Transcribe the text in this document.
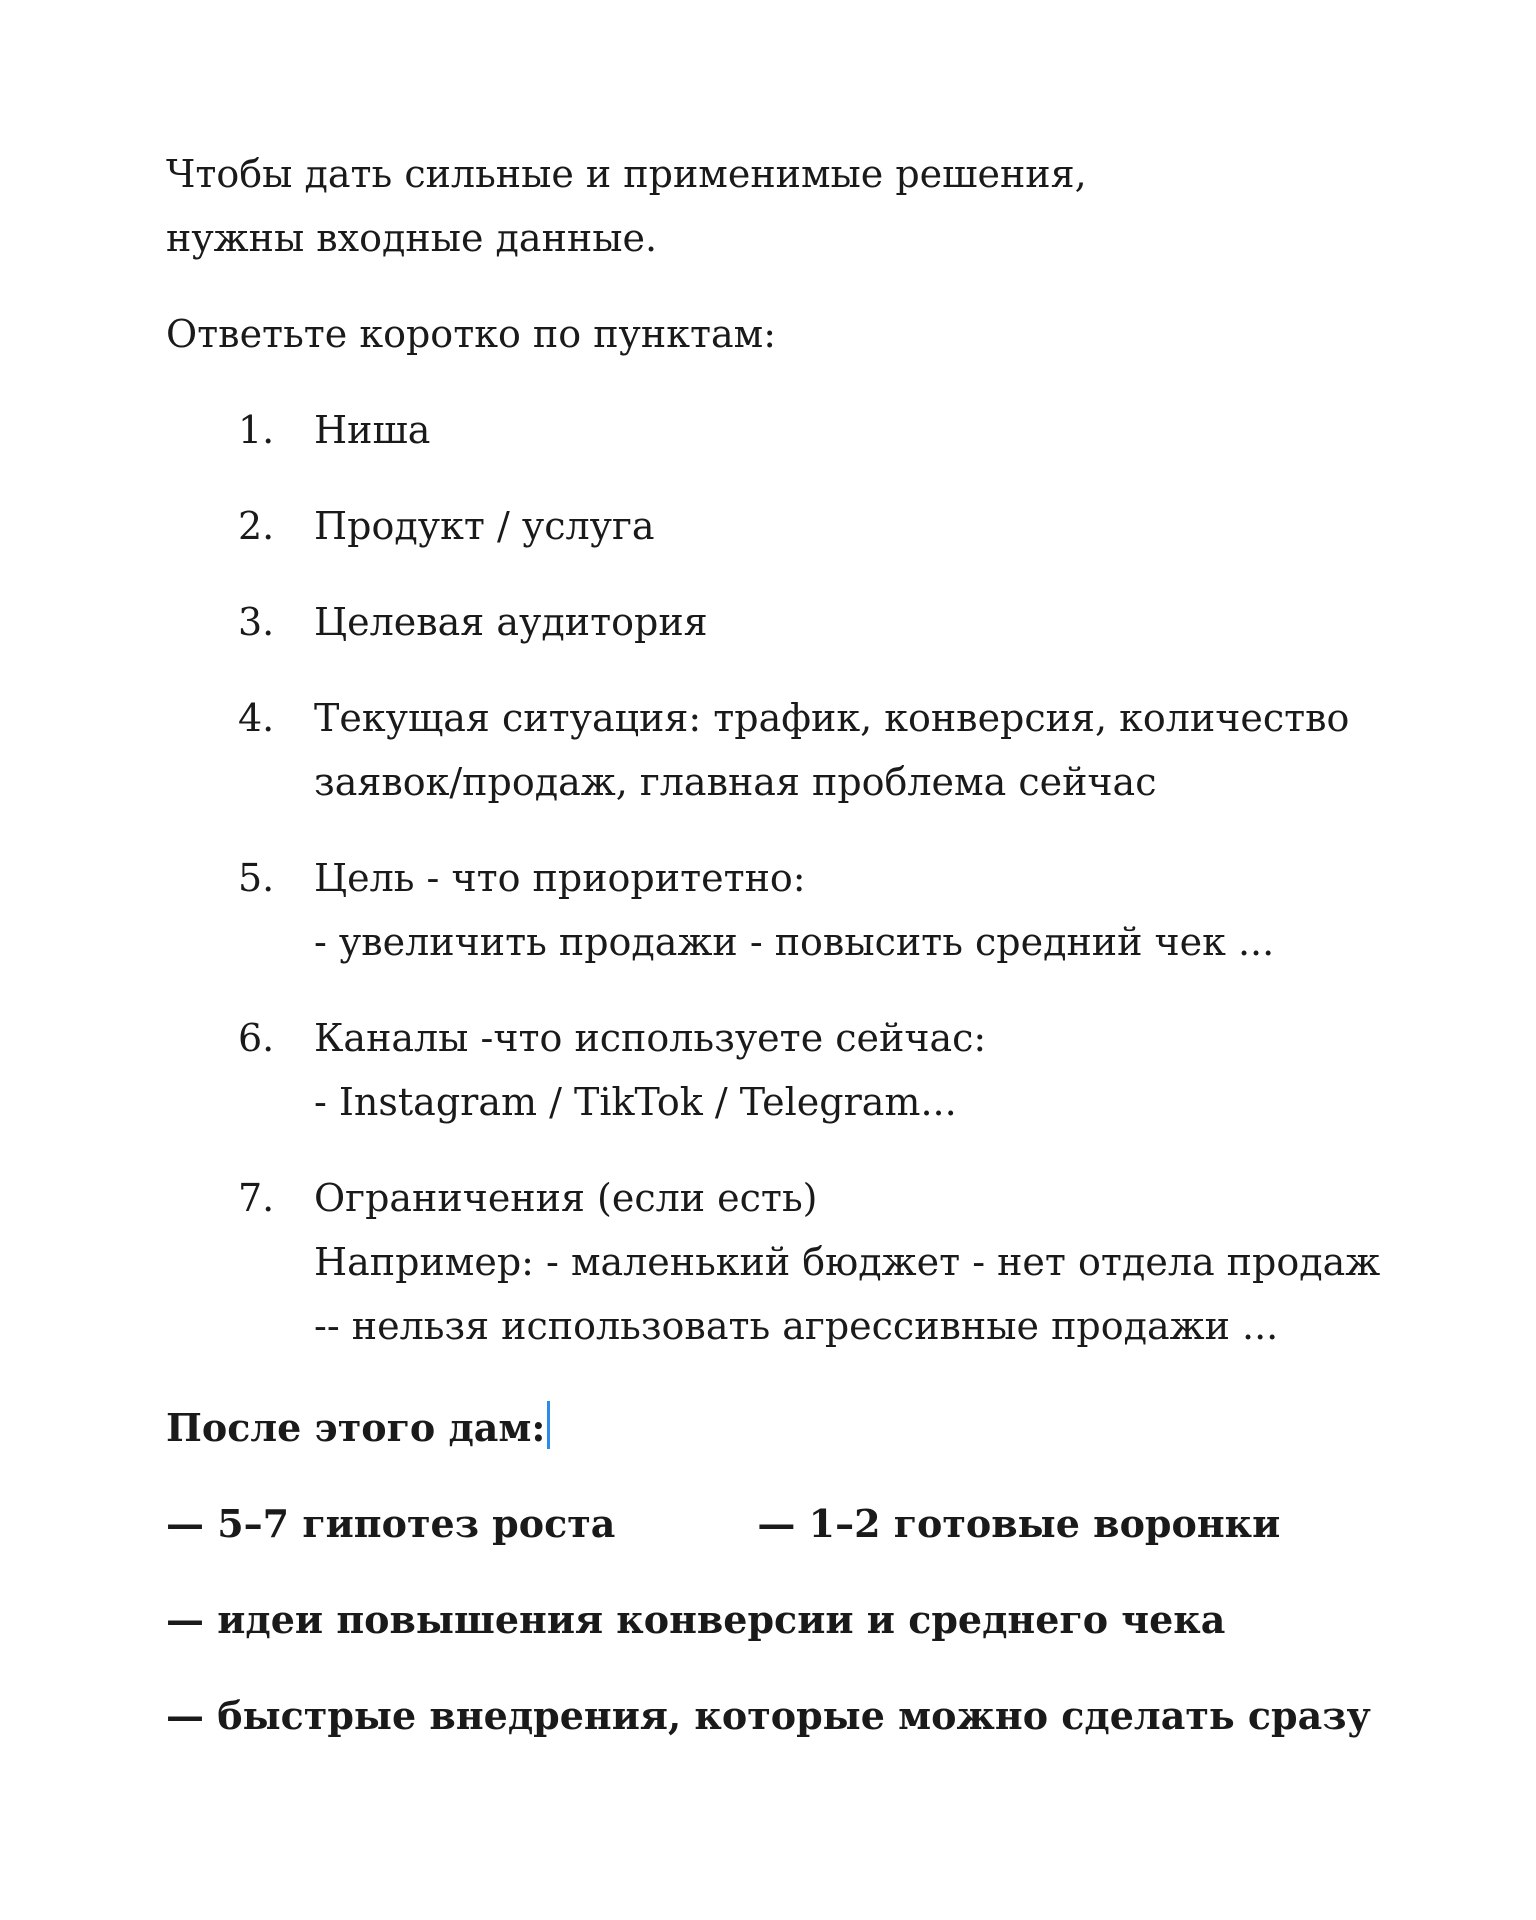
Чтобы дать сильные и применимые решения,
нужны входные данные.
Ответьте коротко по пунктам:
1. Ниша
2. Продукт / услуга
3. Целевая аудитория
4. Текущая ситуация: трафик, конверсия, количество
заявок/продаж, главная проблема сейчас
5. Цель - что приоритетно:
- увеличить продажи - повысить средний чек ...
6. Каналы -что используете сейчас:
- Instagram / TikTok / Telegram...
7. Ограничения (если есть)
Например: - маленький бюджет - нет отдела продаж
-- нельзя использовать агрессивные продажи ...
После этого дам:
— 5–7 гипотез роста	— 1–2 готовые воронки
— идеи повышения конверсии и среднего чека
— быстрые внедрения, которые можно сделать сразу
